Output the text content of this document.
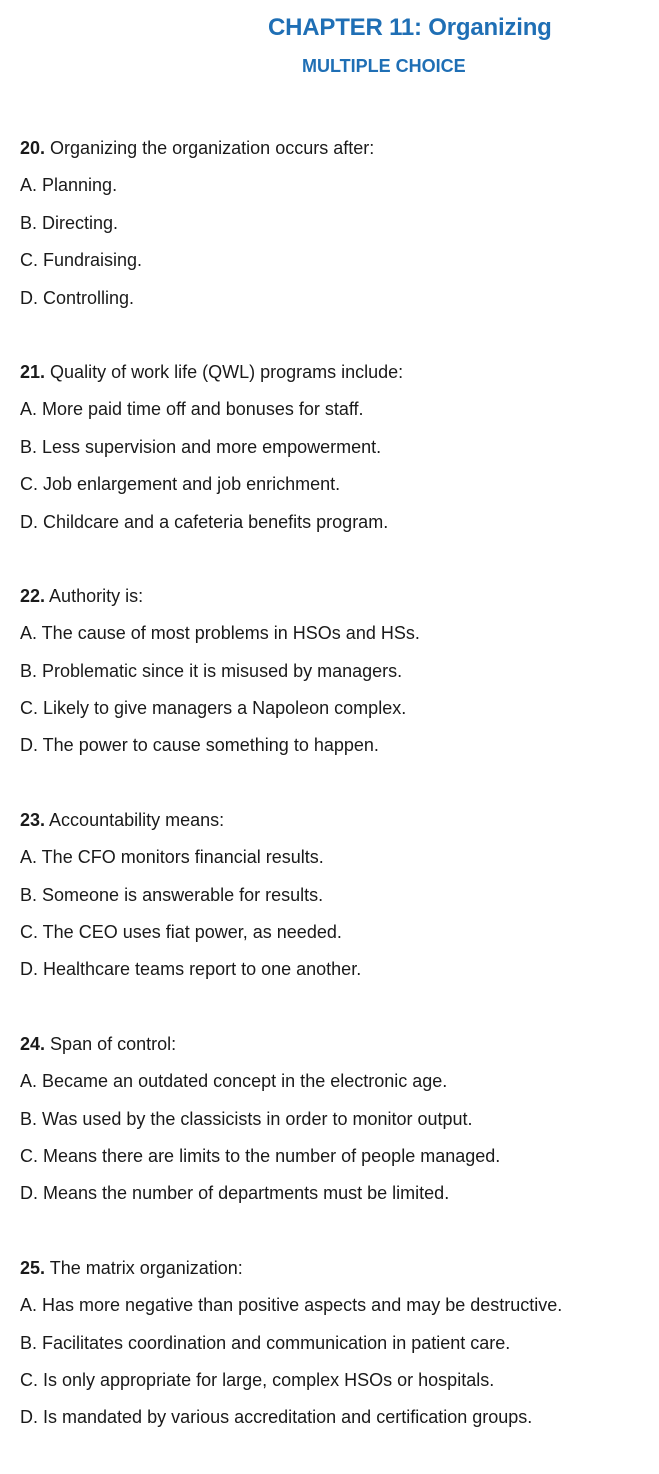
CHAPTER 11: Organizing
MULTIPLE CHOICE
20. Organizing the organization occurs after:
A. Planning.
B. Directing.
C. Fundraising.
D. Controlling.
21. Quality of work life (QWL) programs include:
A. More paid time off and bonuses for staff.
B. Less supervision and more empowerment.
C. Job enlargement and job enrichment.
D. Childcare and a cafeteria benefits program.
22. Authority is:
A. The cause of most problems in HSOs and HSs.
B. Problematic since it is misused by managers.
C. Likely to give managers a Napoleon complex.
D. The power to cause something to happen.
23. Accountability means:
A. The CFO monitors financial results.
B. Someone is answerable for results.
C. The CEO uses fiat power, as needed.
D. Healthcare teams report to one another.
24. Span of control:
A. Became an outdated concept in the electronic age.
B. Was used by the classicists in order to monitor output.
C. Means there are limits to the number of people managed.
D. Means the number of departments must be limited.
25. The matrix organization:
A. Has more negative than positive aspects and may be destructive.
B. Facilitates coordination and communication in patient care.
C. Is only appropriate for large, complex HSOs or hospitals.
D. Is mandated by various accreditation and certification groups.
